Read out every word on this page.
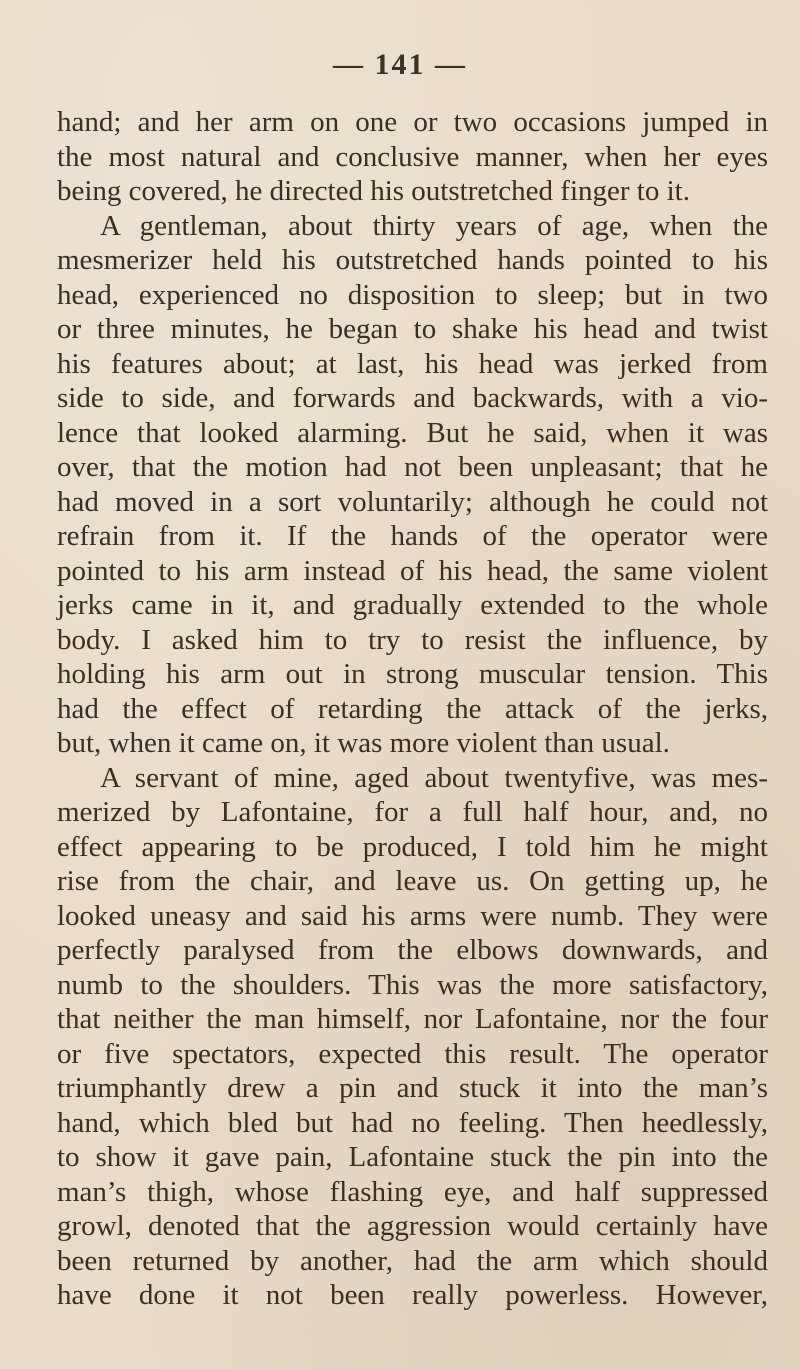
— 141 —
hand; and her arm on one or two occasions jumped in
the most natural and conclusive manner, when her eyes
being covered, he directed his outstretched finger to it.
A gentleman, about thirty years of age, when the
mesmerizer held his outstretched hands pointed to his
head, experienced no disposition to sleep; but in two
or three minutes, he began to shake his head and twist
his features about; at last, his head was jerked from
side to side, and forwards and backwards, with a vio-
lence that looked alarming. But he said, when it was
over, that the motion had not been unpleasant; that he
had moved in a sort voluntarily; although he could not
refrain from it. If the hands of the operator were
pointed to his arm instead of his head, the same violent
jerks came in it, and gradually extended to the whole
body. I asked him to try to resist the influence, by
holding his arm out in strong muscular tension. This
had the effect of retarding the attack of the jerks,
but, when it came on, it was more violent than usual.
A servant of mine, aged about twentyfive, was mes-
merized by Lafontaine, for a full half hour, and, no
effect appearing to be produced, I told him he might
rise from the chair, and leave us. On getting up, he
looked uneasy and said his arms were numb. They were
perfectly paralysed from the elbows downwards, and
numb to the shoulders. This was the more satisfactory,
that neither the man himself, nor Lafontaine, nor the four
or five spectators, expected this result. The operator
triumphantly drew a pin and stuck it into the man’s
hand, which bled but had no feeling. Then heedlessly,
to show it gave pain, Lafontaine stuck the pin into the
man’s thigh, whose flashing eye, and half suppressed
growl, denoted that the aggression would certainly have
been returned by another, had the arm which should
have done it not been really powerless. However,
